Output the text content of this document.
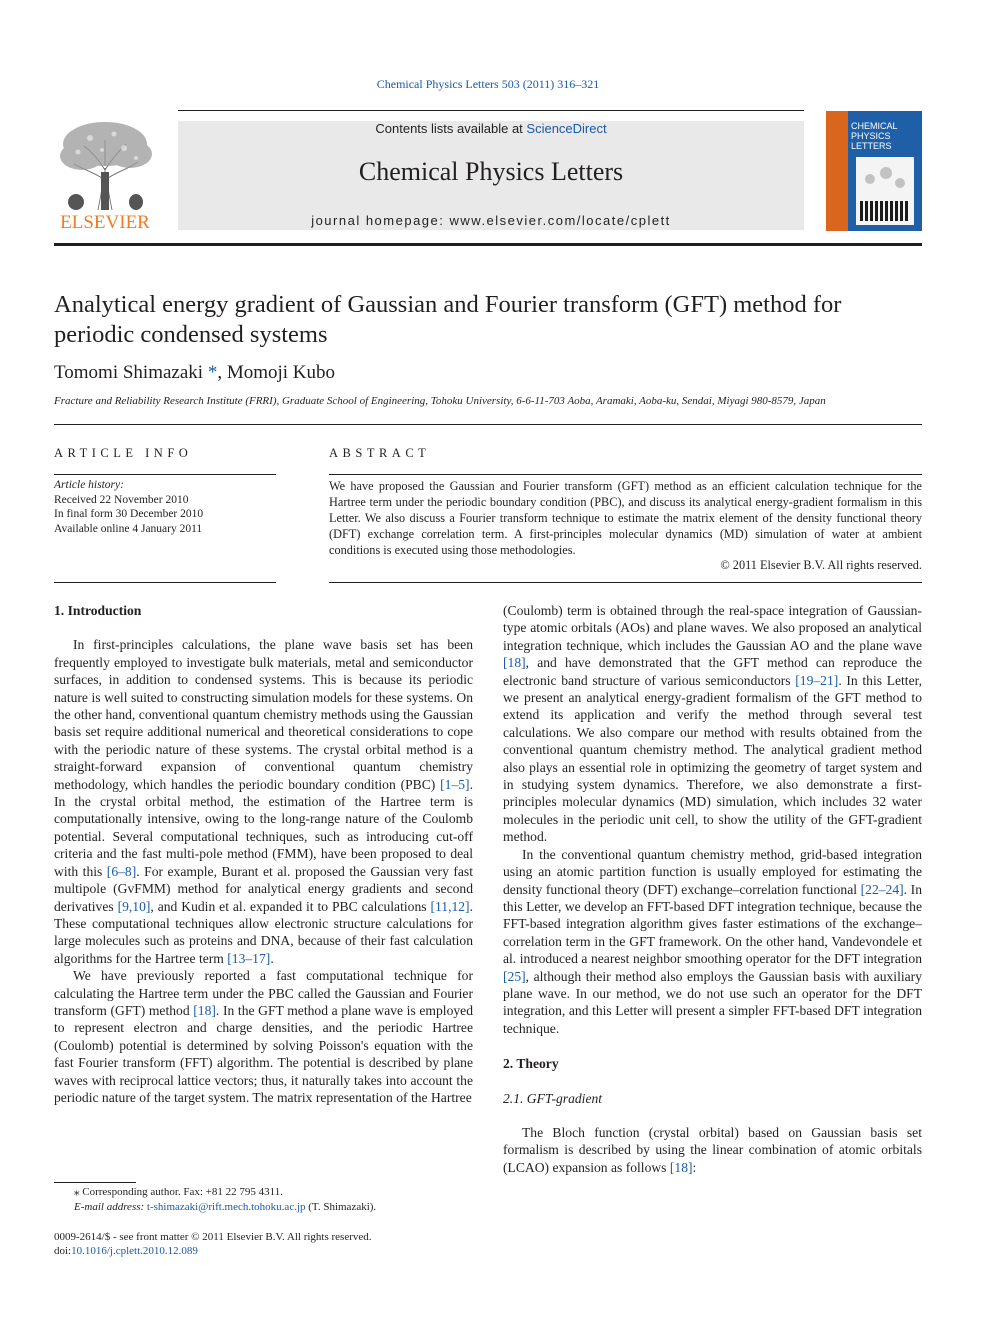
Chemical Physics Letters 503 (2011) 316–321
ELSEVIER
Contents lists available at ScienceDirect
Chemical Physics Letters
journal homepage: www.elsevier.com/locate/cplett
CHEMICAL
PHYSICS
LETTERS
Analytical energy gradient of Gaussian and Fourier transform (GFT) method for periodic condensed systems
Tomomi Shimazaki *, Momoji Kubo
Fracture and Reliability Research Institute (FRRI), Graduate School of Engineering, Tohoku University, 6-6-11-703 Aoba, Aramaki, Aoba-ku, Sendai, Miyagi 980-8579, Japan
ARTICLE INFO	ABSTRACT
Article history:
Received 22 November 2010
In final form 30 December 2010
Available online 4 January 2011
We have proposed the Gaussian and Fourier transform (GFT) method as an efficient calculation technique for the Hartree term under the periodic boundary condition (PBC), and discuss its analytical energy-gradient formalism in this Letter. We also discuss a Fourier transform technique to estimate the matrix element of the density functional theory (DFT) exchange correlation term. A first-principles molecular dynamics (MD) simulation of water at ambient conditions is executed using those methodologies.
© 2011 Elsevier B.V. All rights reserved.
1. Introduction

In first-principles calculations, the plane wave basis set has been frequently employed to investigate bulk materials, metal and semiconductor surfaces, in addition to condensed systems. This is because its periodic nature is well suited to constructing simulation models for these systems. On the other hand, conventional quantum chemistry methods using the Gaussian basis set require additional numerical and theoretical considerations to cope with the periodic nature of these systems. The crystal orbital method is a straight-forward expansion of conventional quantum chemistry methodology, which handles the periodic boundary condition (PBC) [1–5]. In the crystal orbital method, the estimation of the Hartree term is computationally intensive, owing to the long-range nature of the Coulomb potential. Several computational techniques, such as introducing cut-off criteria and the fast multi-pole method (FMM), have been proposed to deal with this [6–8]. For example, Burant et al. proposed the Gaussian very fast multipole (GvFMM) method for analytical energy gradients and second derivatives [9,10], and Kudin et al. expanded it to PBC calculations [11,12]. These computational techniques allow electronic structure calculations for large molecules such as proteins and DNA, because of their fast calculation algorithms for the Hartree term [13–17].

We have previously reported a fast computational technique for calculating the Hartree term under the PBC called the Gaussian and Fourier transform (GFT) method [18]. In the GFT method a plane wave is employed to represent electron and charge densities, and the periodic Hartree (Coulomb) potential is determined by solving Poisson's equation with the fast Fourier transform (FFT) algorithm. The potential is described by plane waves with reciprocal lattice vectors; thus, it naturally takes into account the periodic nature of the target system. The matrix representation of the Hartree

(Coulomb) term is obtained through the real-space integration of Gaussian-type atomic orbitals (AOs) and plane waves. We also proposed an analytical integration technique, which includes the Gaussian AO and the plane wave [18], and have demonstrated that the GFT method can reproduce the electronic band structure of various semiconductors [19–21]. In this Letter, we present an analytical energy-gradient formalism of the GFT method to extend its application and verify the method through several test calculations. We also compare our method with results obtained from the conventional quantum chemistry method. The analytical gradient method also plays an essential role in optimizing the geometry of target system and in studying system dynamics. Therefore, we also demonstrate a first-principles molecular dynamics (MD) simulation, which includes 32 water molecules in the periodic unit cell, to show the utility of the GFT-gradient method.

In the conventional quantum chemistry method, grid-based integration using an atomic partition function is usually employed for estimating the density functional theory (DFT) exchange–correlation functional [22–24]. In this Letter, we develop an FFT-based DFT integration technique, because the FFT-based integration algorithm gives faster estimations of the exchange–correlation term in the GFT framework. On the other hand, Vandevondele et al. introduced a nearest neighbor smoothing operator for the DFT integration [25], although their method also employs the Gaussian basis with auxiliary plane wave. In our method, we do not use such an operator for the DFT integration, and this Letter will present a simpler FFT-based DFT integration technique.

2. Theory
2.1. GFT-gradient

The Bloch function (crystal orbital) based on Gaussian basis set formalism is described by using the linear combination of atomic orbitals (LCAO) expansion as follows [18]:

⁎ Corresponding author. Fax: +81 22 795 4311.
E-mail address: t-shimazaki@rift.mech.tohoku.ac.jp (T. Shimazaki).
0009-2614/$ - see front matter © 2011 Elsevier B.V. All rights reserved.
doi:10.1016/j.cplett.2010.12.089
